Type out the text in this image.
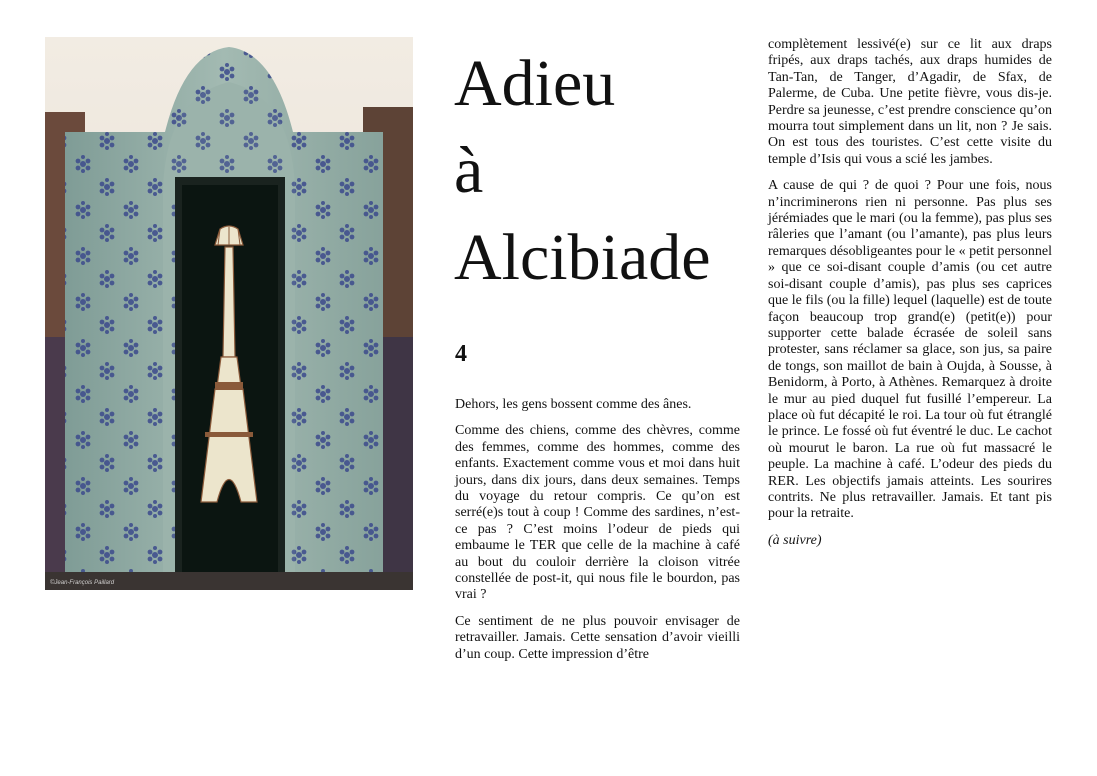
©Jean-François Paillard
Adieu
à
Alcibiade
4

Dehors, les gens bossent comme des ânes.

Comme des chiens, comme des chèvres, comme des femmes, comme des hommes, comme des enfants. Exactement comme vous et moi dans huit jours, dans dix jours, dans deux semaines. Temps du voyage du retour compris. Ce qu’on est serré(e)s tout à coup ! Comme des sardines, n’est-ce pas ? C’est moins l’odeur de pieds qui embaume le TER que celle de la machine à café au bout du couloir derrière la cloison vitrée constellée de post-it, qui nous file le bourdon, pas vrai ?

Ce sentiment de ne plus pouvoir envisager de retravailler. Jamais. Cette sensation d’avoir vieilli d’un coup. Cette impression d’être

complètement lessivé(e) sur ce lit aux draps fripés, aux draps tachés, aux draps humides de Tan-Tan, de Tanger, d’Agadir, de Sfax, de Palerme, de Cuba. Une petite fièvre, vous dis-je. Perdre sa jeunesse, c’est prendre conscience qu’on mourra tout simplement dans un lit, non ? Je sais. On est tous des touristes. C’est cette visite du temple d’Isis qui vous a scié les jambes.

A cause de qui ? de quoi ? Pour une fois, nous n’incriminerons rien ni personne. Pas plus ses jérémiades que le mari (ou la femme), pas plus ses râleries que l’amant (ou l’amante), pas plus leurs remarques désobligeantes pour le « petit personnel » que ce soi-disant couple d’amis (ou cet autre soi-disant couple d’amis), pas plus ses caprices que le fils (ou la fille) lequel (laquelle) est de toute façon beaucoup trop grand(e) (petit(e)) pour supporter cette balade écrasée de soleil sans protester, sans réclamer sa glace, son jus, sa paire de tongs, son maillot de bain à Oujda, à Sousse, à Benidorm, à Porto, à Athènes. Remarquez à droite le mur au pied duquel fut fusillé l’empereur. La place où fut décapité le roi. La tour où fut étranglé le prince. Le fossé où fut éventré le duc. Le cachot où mourut le baron. La rue où fut massacré le peuple. La machine à café. L’odeur des pieds du RER. Les objectifs jamais atteints. Les sourires contrits. Ne plus retravailler. Jamais. Et tant pis pour la retraite.

(à suivre)
